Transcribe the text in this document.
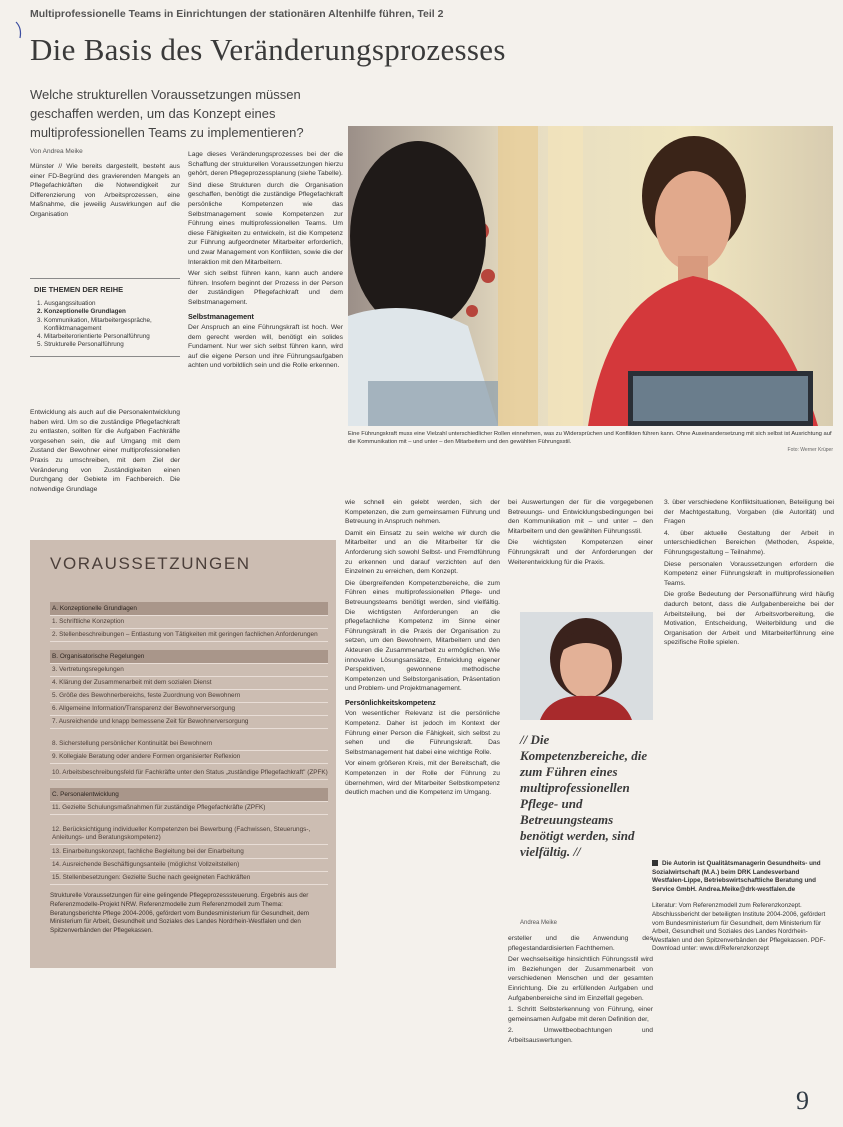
Multiprofessionelle Teams in Einrichtungen der stationären Altenhilfe führen, Teil 2
Die Basis des Veränderungsprozesses
Welche strukturellen Voraussetzungen müssen geschaffen werden, um das Konzept eines multiprofessionellen Teams zu implementieren?
Von Andrea Meike

Münster // Wie bereits dargestellt, besteht aus einer FD-Begründ des gravierenden Mangels an Pflegefachkräften die Notwendigkeit zur Differenzierung von Arbeitsprozessen, eine Maßnahme, die jeweilig Auswirkungen auf die Organisation

DIE THEMEN DER REIHE
1. Ausgangssituation
2. Konzeptionelle Grundlagen
3. Kommunikation, Mitarbeitergespräche, Konfliktmanagement
4. Mitarbeiterorientierte Personalführung
5. Strukturelle Personalführung

Entwicklung als auch auf die Personalentwicklung haben wird. Um so die zuständige Pflegefachkraft zu entlasten, sollten für die Aufgaben Fachkräfte vorgesehen sein, die auf Umgang mit dem Zustand der Bewohner einer multiprofessionellen Praxis zu umschreiben, mit dem Ziel der Veränderung von Zuständigkeiten einen Durchgang der Gebiete im Fachbereich. Die notwendige Grundlage

Lage dieses Veränderungsprozesses bei der die Schaffung der strukturellen Voraussetzungen hierzu gehört, deren Pflegeprozessplanung (siehe Tabelle).

Sind diese Strukturen durch die Organisation geschaffen, benötigt die zuständige Pflegefachkraft persönliche Kompetenzen wie das Selbstmanagement sowie Kompetenzen zur Führung eines multiprofessionellen Teams. Um diese Fähigkeiten zu entwickeln, ist die Kompetenz zur Führung aufgeordneter Mitarbeiter erforderlich, und zwar Management von Konflikten, sowie die der Interaktion mit den Mitarbeitern.

Wer sich selbst führen kann, kann auch andere führen. Insofern beginnt der Prozess in der Person der zuständigen Pflegefachkraft und dem Selbstmanagement.

Selbstmanagement

Der Anspruch an eine Führungskraft ist hoch. Wer dem gerecht werden will, benötigt ein solides Fundament. Nur wer sich selbst führen kann, wird auf die eigene Person und ihre Führungsaufgaben achten und vorbildlich sein und die Rolle erkennen.

Eine Führungskraft muss eine Vielzahl unterschiedlicher Rollen einnehmen, was zu Widersprüchen und Konflikten führen kann. Ohne Auseinandersetzung mit sich selbst ist Ausrichtung auf die Kommunikation mit – und unter – den Mitarbeitern und den gewählten Führungsstil.
Foto: Werner Krüper
VORAUSSETZUNGEN
A. Konzeptionelle Grundlagen
1. Schriftliche Konzeption
2. Stellenbeschreibungen – Entlastung von Tätigkeiten mit geringen fachlichen Anforderungen
B. Organisatorische Regelungen
3. Vertretungsregelungen
4. Klärung der Zusammenarbeit mit dem sozialen Dienst
5. Größe des Bewohnerbereichs, feste Zuordnung von Bewohnern
6. Allgemeine Information/Transparenz der Bewohnerversorgung
7. Ausreichende und knapp bemessene Zeit für Bewohnerversorgung
8. Sicherstellung persönlicher Kontinuität bei Bewohnern
9. Kollegiale Beratung oder andere Formen organisierter Reflexion
10. Arbeitsbeschreibungsfeld für Fachkräfte unter den Status „zuständige Pflegefachkraft" (ZPFK)
C. Personalentwicklung
11. Gezielte Schulungsmaßnahmen für zuständige Pflegefachkräfte (ZPFK)
12. Berücksichtigung individueller Kompetenzen bei Bewerbung (Fachwissen, Steuerungs-, Anleitungs- und Beratungskompetenz)
13. Einarbeitungskonzept, fachliche Begleitung bei der Einarbeitung
14. Ausreichende Beschäftigungsanteile (möglichst Vollzeitstellen)
15. Stellenbesetzungen: Gezielte Suche nach geeigneten Fachkräften

Strukturelle Voraussetzungen für eine gelingende Pflegeprozesssteuerung. Ergebnis aus der Referenzmodelle-Projekt NRW. Referenzmodelle zum Referenzmodell zum Thema: Beratungsberichte Pflege 2004-2006, gefördert vom Bundesministerium für Gesundheit, dem Ministerium für Arbeit, Gesundheit und Soziales des Landes Nordrhein-Westfalen und den Spitzenverbänden der Pflegekassen.

wie schnell ein gelebt werden, sich der Kompetenzen, die zum gemeinsamen Führung und Betreuung in Anspruch nehmen.

Damit ein Einsatz zu sein welche wir durch die Mitarbeiter und an die Mitarbeiter für die Anforderung sich sowohl Selbst- und Fremdführung zu erkennen und darauf verzichten auf den Einzelnen zu erreichen, dem Konzept.

Die übergreifenden Kompetenzbereiche, die zum Führen eines multiprofessionellen Pflege- und Betreuungsteams benötigt werden, sind vielfältig. Die wichtigsten Anforderungen an die pflegefachliche Kompetenz im Sinne einer Führungskraft in die Praxis der Organisation zu setzen, um den Bewohnern, Mitarbeitern und den Akteuren die Zusammenarbeit zu ermöglichen. Wie innovative Lösungsansätze, Entwicklung eigener Perspektiven, gewonnene methodische Kompetenzen und Selbstorganisation, Präsentation und Problem- und Projektmanagement.

Persönlichkeitskompetenz

Von wesentlicher Relevanz ist die persönliche Kompetenz. Daher ist jedoch im Kontext der Führung einer Person die Fähigkeit, sich selbst zu sehen und die Führungskraft. Das Selbstmanagement hat dabei eine wichtige Rolle.

Vor einem größeren Kreis, mit der Bereitschaft, die Kompetenzen in der Rolle der Führung zu übernehmen, wird der Mitarbeiter Selbstkompetenz deutlich machen und die Kompetenz im Umgang.

bei Auswertungen der für die vorgegebenen Betreuungs- und Entwicklungsbedingungen bei den Kommunikation mit – und unter – den Mitarbeitern und den gewählten Führungsstil.

Die wichtigsten Kompetenzen einer Führungskraft und der Anforderungen der Weiterentwicklung für die Praxis.

// Die Kompetenzbereiche, die zum Führen eines multiprofessionellen Pflege- und Betreuungsteams benötigt werden, sind vielfältig. //
Andrea Meike

ersteller und die Anwendung des pflegestandardisierten Fachthemen.

Der wechselseitige hinsichtlich Führungsstil wird im Beziehungen der Zusammenarbeit von verschiedenen Menschen und der gesamten Einrichtung. Die zu erfüllenden Aufgaben und Aufgabenbereiche sind im Einzelfall gegeben.

1. Schritt Selbsterkennung von Führung, einer gemeinsamen Aufgabe mit deren Definition der,

2. Umweltbeobachtungen und Arbeitsauswertungen.

3. über verschiedene Konfliktsituationen, Beteiligung bei der Machtgestaltung, Vorgaben (die Autorität) und Fragen

4. über aktuelle Gestaltung der Arbeit in unterschiedlichen Bereichen (Methoden, Aspekte, Führungsgestaltung – Teilnahme).

Diese personalen Voraussetzungen erfordern die Kompetenz einer Führungskraft in multiprofessionellen Teams.

Die große Bedeutung der Personalführung wird häufig dadurch betont, dass die Aufgabenbereiche bei der Arbeitsteilung, bei der Arbeitsvorbereitung, die Motivation, Entscheidung, Weiterbildung und die Organisation der Arbeit und Mitarbeiterführung eine spezifische Rolle spielen.

Die Autorin ist Qualitätsmanagerin Gesundheits- und Sozialwirtschaft (M.A.) beim DRK Landesverband Westfalen-Lippe, Betriebswirtschaftliche Beratung und Service GmbH. Andrea.Meike@drk-westfalen.de

Literatur: Vom Referenzmodell zum Referenzkonzept. Abschlussbericht der beteiligten Institute 2004-2006, gefördert vom Bundesministerium für Gesundheit, dem Ministerium für Arbeit, Gesundheit und Soziales des Landes Nordrhein-Westfalen und den Spitzenverbänden der Pflegekassen. PDF-Download unter: www.dl/Referenzkonzept

9
